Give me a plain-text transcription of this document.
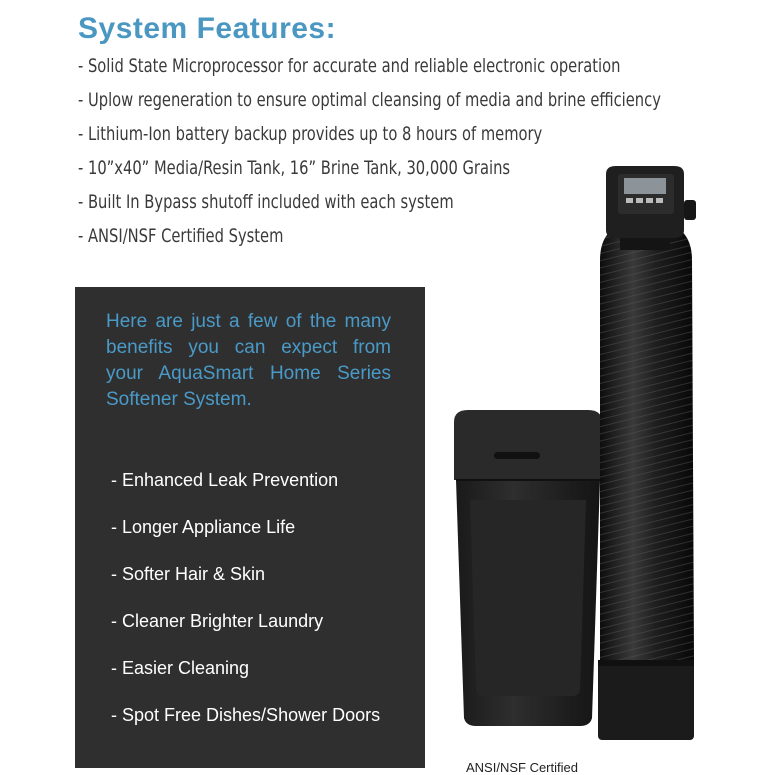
System Features:
- Solid State Microprocessor for accurate and reliable electronic operation
- Uplow regeneration to ensure optimal cleansing of media and brine efficiency
- Lithium-Ion battery backup provides up to 8 hours of memory
- 10”x40” Media/Resin Tank, 16” Brine Tank, 30,000 Grains
- Built In Bypass shutoff included with each system
- ANSI/NSF Certified System

Here are just a few of the many benefits you can expect from your AquaSmart Home Series Softener System.

- Enhanced Leak Prevention
- Longer Appliance Life
- Softer Hair & Skin
- Cleaner Brighter Laundry
- Easier Cleaning
- Spot Free Dishes/Shower Doors
ANSI/NSF Certified
